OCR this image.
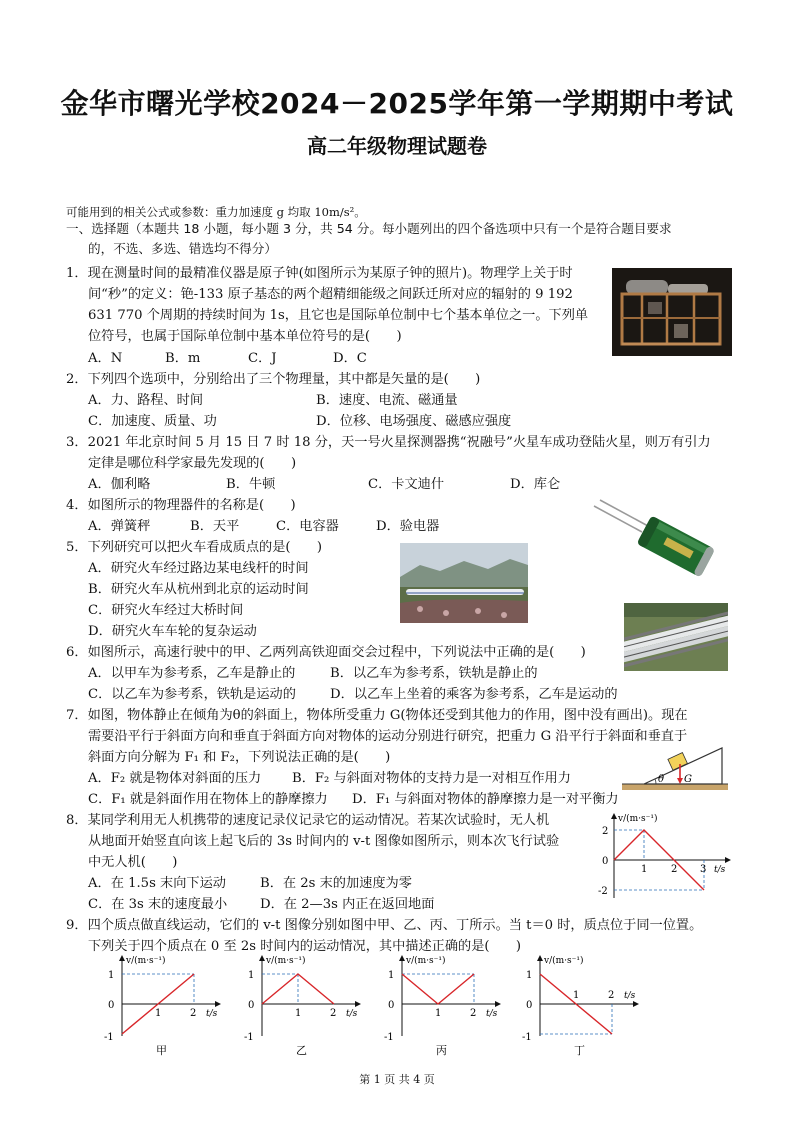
金华市曙光学校2024－2025学年第一学期期中考试
高二年级物理试题卷
可能用到的相关公式或参数：重力加速度 g 均取 10m/s²。
一、选择题（本题共 18 小题，每小题 3 分，共 54 分。每小题列出的四个备选项中只有一个是符合题目要求
的，不选、多选、错选均不得分）
1．现在测量时间的最精准仪器是原子钟(如图所示为某原子钟的照片)。物理学上关于时
间“秒”的定义：铯-133 原子基态的两个超精细能级之间跃迁所对应的辐射的 9 192
631 770 个周期的持续时间为 1s，且它也是国际单位制中七个基本单位之一。下列单
位符号，也属于国际单位制中基本单位符号的是(　　)
A．N	B．m	C．J	D．C
2．下列四个选项中，分别给出了三个物理量，其中都是矢量的是(　　)
A．力、路程、时间	B．速度、电流、磁通量
C．加速度、质量、功	D．位移、电场强度、磁感应强度
3．2021 年北京时间 5 月 15 日 7 时 18 分，天一号火星探测器携“祝融号”火星车成功登陆火星，则万有引力
定律是哪位科学家最先发现的(　　)
A．伽利略	B．牛顿	C．卡文迪什	D．库仑
4．如图所示的物理器件的名称是(　　)
A．弹簧秤	B．天平	C．电容器	D．验电器
5．下列研究可以把火车看成质点的是(　　)
A．研究火车经过路边某电线杆的时间
B．研究火车从杭州到北京的运动时间
C．研究火车经过大桥时间
D．研究火车车轮的复杂运动
6．如图所示，高速行驶中的甲、乙两列高铁迎面交会过程中，下列说法中正确的是(　　)
A．以甲车为参考系，乙车是静止的	B．以乙车为参考系，铁轨是静止的
C．以乙车为参考系，铁轨是运动的	D．以乙车上坐着的乘客为参考系，乙车是运动的
7．如图，物体静止在倾角为θ的斜面上，物体所受重力 G(物体还受到其他力的作用，图中没有画出)。现在
需要沿平行于斜面方向和垂直于斜面方向对物体的运动分别进行研究，把重力 G 沿平行于斜面和垂直于
斜面方向分解为 F₁ 和 F₂，下列说法正确的是(　　)
A．F₂ 就是物体对斜面的压力 B．F₂ 与斜面对物体的支持力是一对相互作用力
C．F₁ 就是斜面作用在物体上的静摩擦力 D．F₁ 与斜面对物体的静摩擦力是一对平衡力
θ G
8．某同学利用无人机携带的速度记录仪记录它的运动情况。若某次试验时，无人机
从地面开始竖直向该上起飞后的 3s 时间内的 v-t 图像如图所示，则本次飞行试验
中无人机(　　)
A．在 1.5s 末向下运动	B．在 2s 末的加速度为零
C．在 3s 末的速度最小 D．在 2—3s 内正在返回地面
v/(m·s⁻¹)
t/s
2
0
-2
1 2 3
9．四个质点做直线运动，它们的 v-t 图像分别如图中甲、乙、丙、丁所示。当 t＝0 时，质点位于同一位置。
下列关于四个质点在 0 至 2s 时间内的运动情况，其中描述正确的是(　　)
v/(m·s⁻¹)
1
0
-1
1	2 t/s
甲
v/(m·s⁻¹)
1
0
-1
1	2 t/s
乙
v/(m·s⁻¹)
1
0
-1
1	2 t/s
丙
v/(m·s⁻¹)
1
0
-1
1	2 t/s
丁
第 1 页 共 4 页
